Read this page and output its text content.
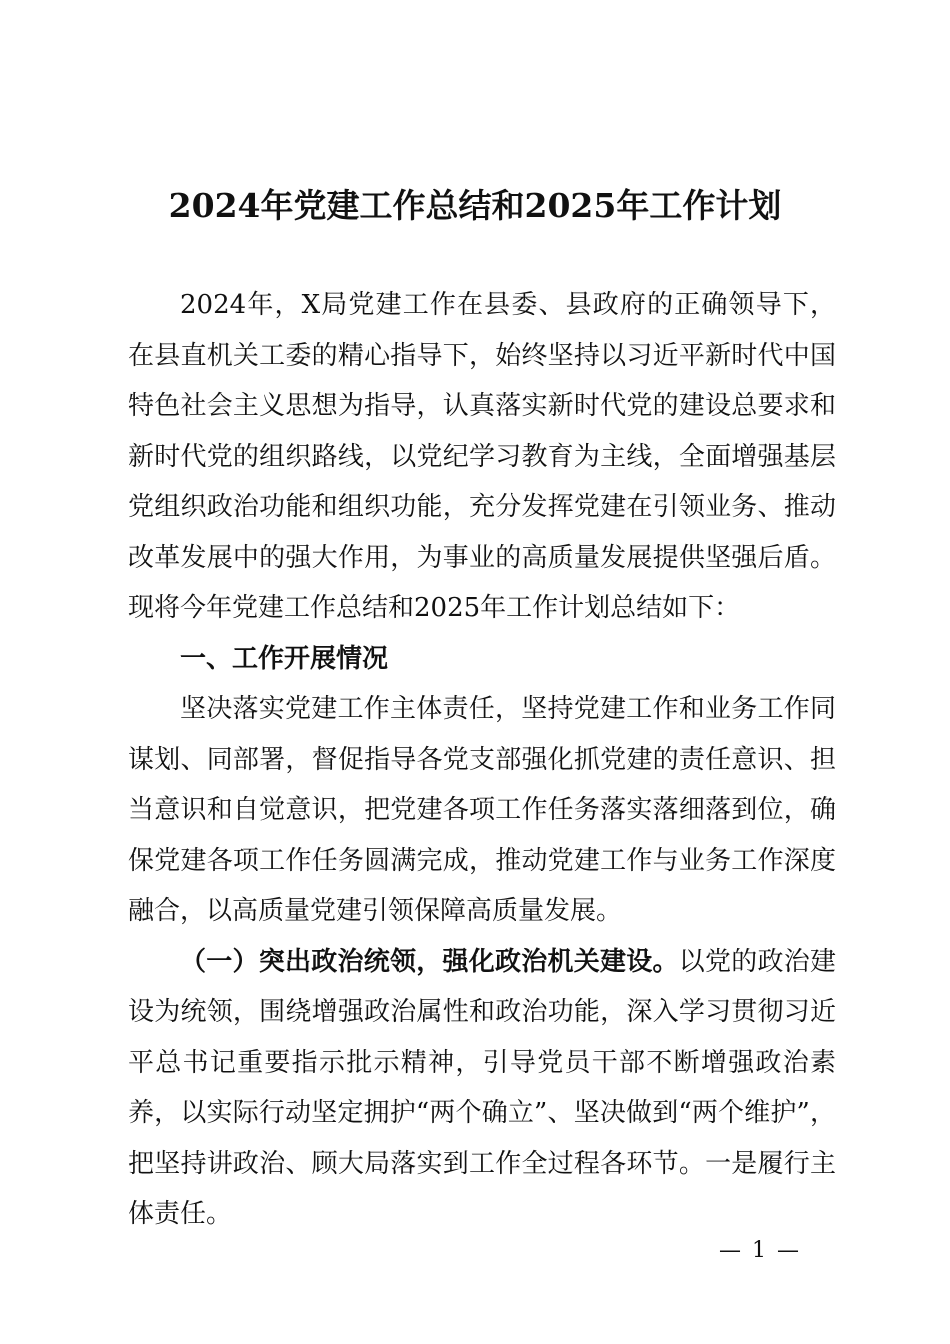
2024年党建工作总结和2025年工作计划

2024年，X局党建工作在县委、县政府的正确领导下，在县直机关工委的精心指导下，始终坚持以习近平新时代中国特色社会主义思想为指导，认真落实新时代党的建设总要求和新时代党的组织路线，以党纪学习教育为主线，全面增强基层党组织政治功能和组织功能，充分发挥党建在引领业务、推动改革发展中的强大作用，为事业的高质量发展提供坚强后盾。现将今年党建工作总结和2025年工作计划总结如下：

一、工作开展情况

坚决落实党建工作主体责任，坚持党建工作和业务工作同谋划、同部署，督促指导各党支部强化抓党建的责任意识、担当意识和自觉意识，把党建各项工作任务落实落细落到位，确保党建各项工作任务圆满完成，推动党建工作与业务工作深度融合，以高质量党建引领保障高质量发展。

（一）突出政治统领，强化政治机关建设。以党的政治建设为统领，围绕增强政治属性和政治功能，深入学习贯彻习近平总书记重要指示批示精神，引导党员干部不断增强政治素养，以实际行动坚定拥护“两个确立”、坚决做到“两个维护”，把坚持讲政治、顾大局落实到工作全过程各环节。一是履行主体责任。

— 1 —
